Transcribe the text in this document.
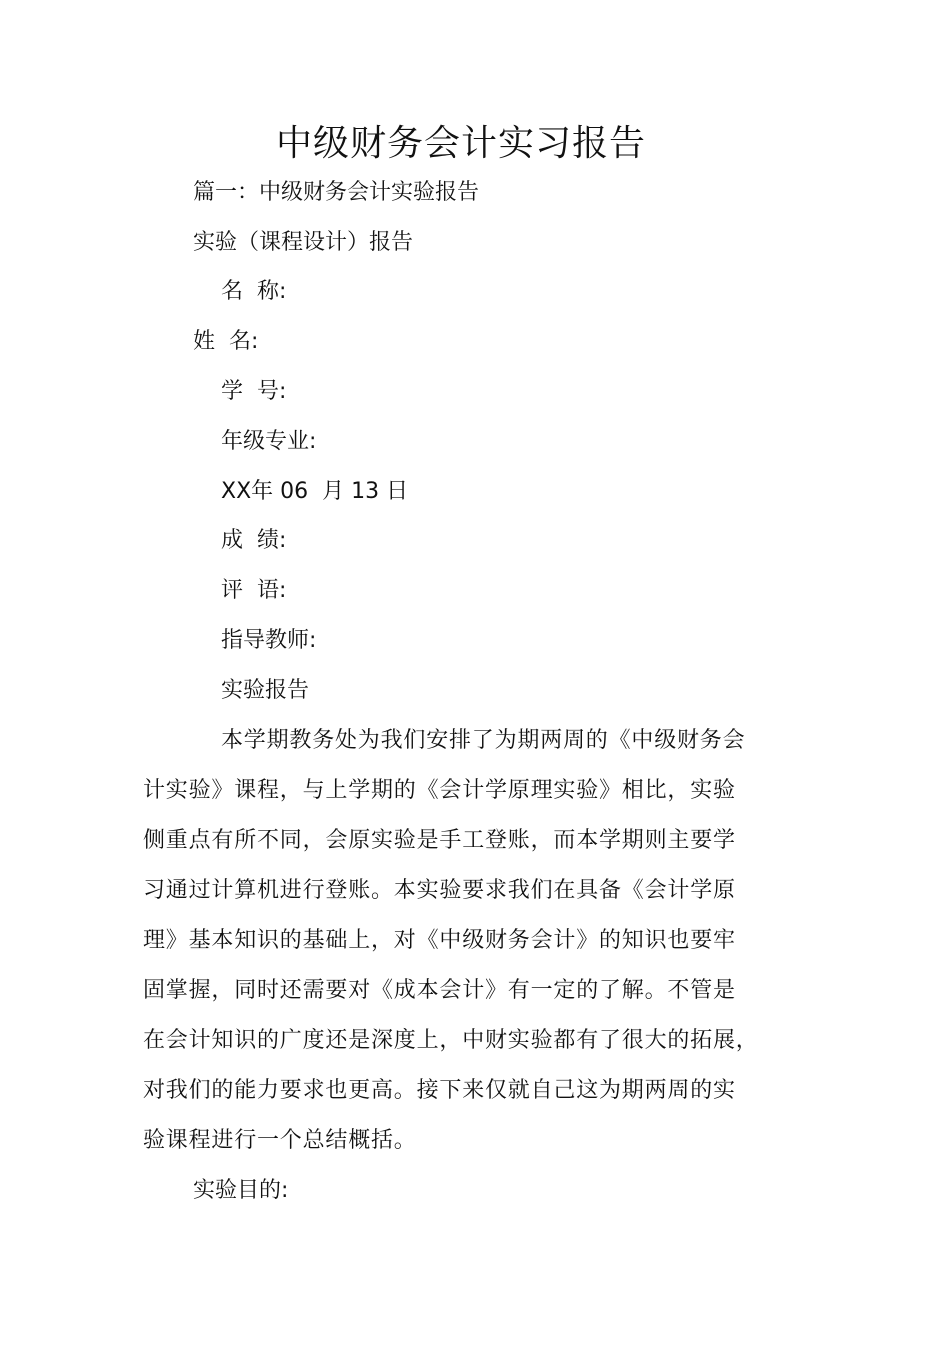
中级财务会计实习报告
篇一：中级财务会计实验报告
实验（课程设计）报告
名  称:
姓  名:
学  号:
年级专业:
XX年 06  月 13 日
成  绩:
评  语:
指导教师:
实验报告
本学期教务处为我们安排了为期两周的《中级财务会
计实验》课程，与上学期的《会计学原理实验》相比，实验
侧重点有所不同，会原实验是手工登账，而本学期则主要学
习通过计算机进行登账。本实验要求我们在具备《会计学原
理》基本知识的基础上，对《中级财务会计》的知识也要牢
固掌握，同时还需要对《成本会计》有一定的了解。不管是
在会计知识的广度还是深度上，中财实验都有了很大的拓展，
对我们的能力要求也更高。接下来仅就自己这为期两周的实
验课程进行一个总结概括。
实验目的:
